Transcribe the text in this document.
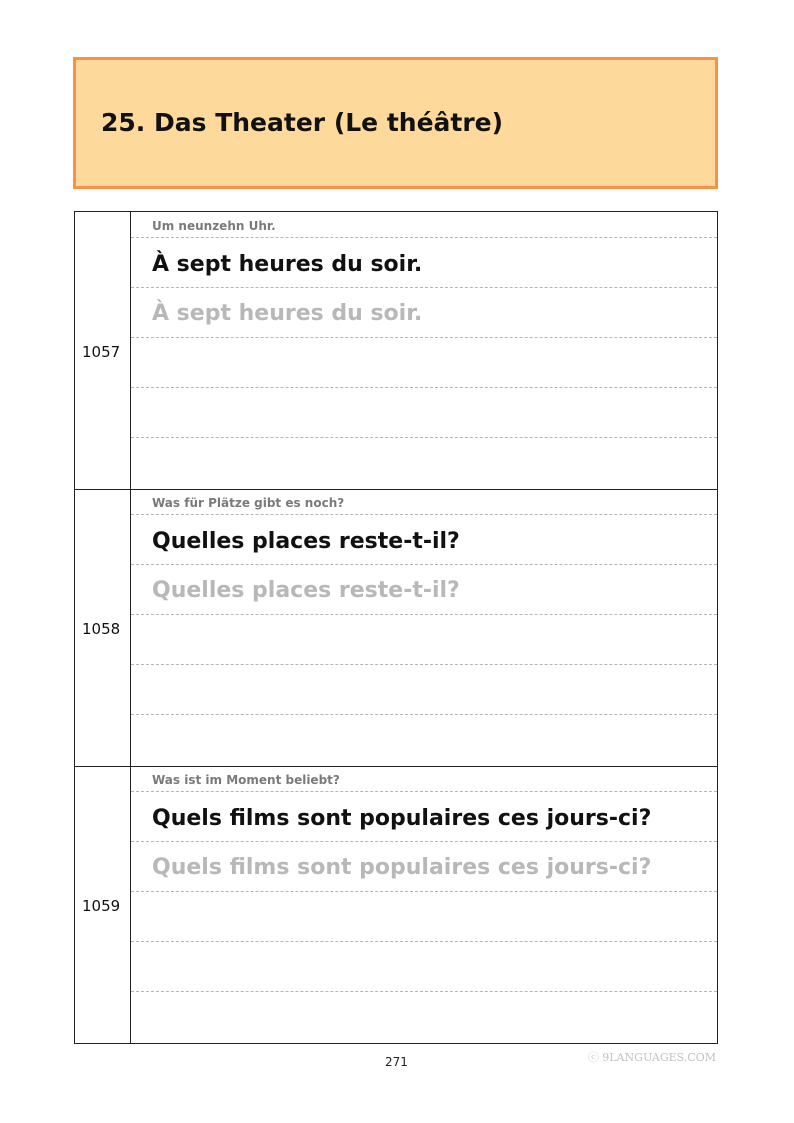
25. Das Theater (Le théâtre)
1057
Um neunzehn Uhr.
À sept heures du soir.
À sept heures du soir.
1058
Was für Plätze gibt es noch?
Quelles places reste-t-il?
Quelles places reste-t-il?
1059
Was ist im Moment beliebt?
Quels films sont populaires ces jours-ci?
Quels films sont populaires ces jours-ci?
271	ⓒ 9LANGUAGES.COM
